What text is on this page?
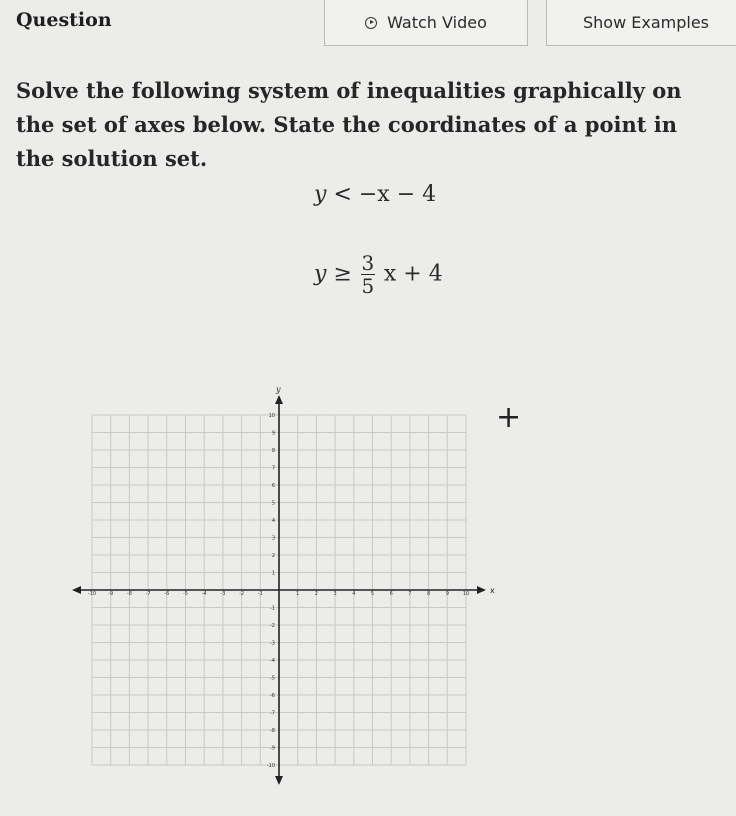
Question	Watch Video	Show Examples
Solve the following system of inequalities graphically on the set of axes below. State the coordinates of a point in the solution set.
y < −x − 4
$y \ge \frac{3}{5}$ x + 4
x
y
-10 -9	-8	-7	-6	-5	-4	-3	-2	-1	1	2	3	4	5	6	7	8	9	10
10
9
8
7
6
5
4
3
2
1
-1
-2
-3
-4
-5
-6
-7
-8
-9
-10
+
